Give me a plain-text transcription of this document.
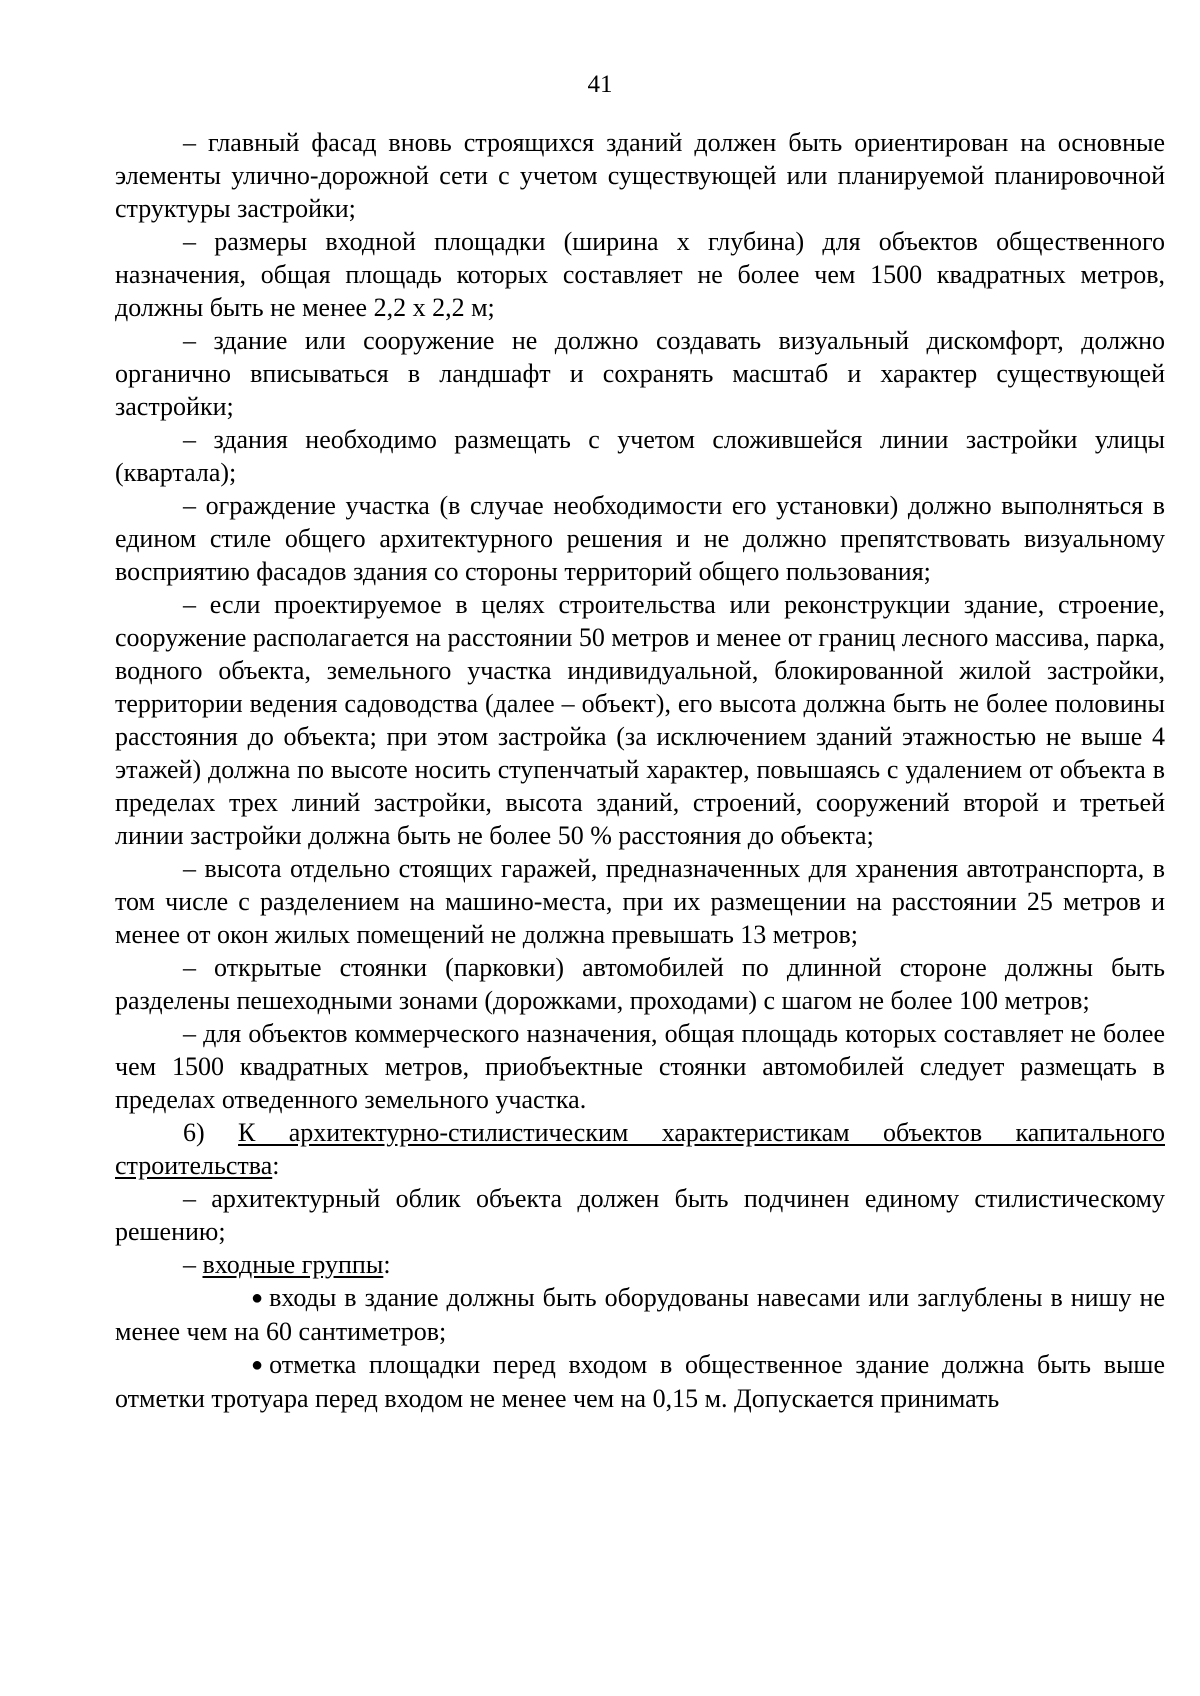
41

– главный фасад вновь строящихся зданий должен быть ориентирован на основные элементы улично-дорожной сети с учетом существующей или планируемой планировочной структуры застройки;

– размеры входной площадки (ширина х глубина) для объектов общественного назначения, общая площадь которых составляет не более чем 1500 квадратных метров, должны быть не менее 2,2 х 2,2 м;

– здание или сооружение не должно создавать визуальный дискомфорт, должно органично вписываться в ландшафт и сохранять масштаб и характер существующей застройки;

– здания необходимо размещать с учетом сложившейся линии застройки улицы (квартала);

– ограждение участка (в случае необходимости его установки) должно выполняться в едином стиле общего архитектурного решения и не должно препятствовать визуальному восприятию фасадов здания со стороны территорий общего пользования;

– если проектируемое в целях строительства или реконструкции здание, строение, сооружение располагается на расстоянии 50 метров и менее от границ лесного массива, парка, водного объекта, земельного участка индивидуальной, блокированной жилой застройки, территории ведения садоводства (далее – объект), его высота должна быть не более половины расстояния до объекта; при этом застройка (за исключением зданий этажностью не выше 4 этажей) должна по высоте носить ступенчатый характер, повышаясь с удалением от объекта в пределах трех линий застройки, высота зданий, строений, сооружений второй и третьей линии застройки должна быть не более 50 % расстояния до объекта;

– высота отдельно стоящих гаражей, предназначенных для хранения автотранспорта, в том числе с разделением на машино-места, при их размещении на расстоянии 25 метров и менее от окон жилых помещений не должна превышать 13 метров;

– открытые стоянки (парковки) автомобилей по длинной стороне должны быть разделены пешеходными зонами (дорожками, проходами) с шагом не более 100 метров;

– для объектов коммерческого назначения, общая площадь которых составляет не более чем 1500 квадратных метров, приобъектные стоянки автомобилей следует размещать в пределах отведенного земельного участка.

6) К архитектурно-стилистическим характеристикам объектов капитального строительства:

– архитектурный облик объекта должен быть подчинен единому стилистическому решению;

– входные группы:

● входы в здание должны быть оборудованы навесами или заглублены в нишу не менее чем на 60 сантиметров;

● отметка площадки перед входом в общественное здание должна быть выше отметки тротуара перед входом не менее чем на 0,15 м. Допускается принимать
